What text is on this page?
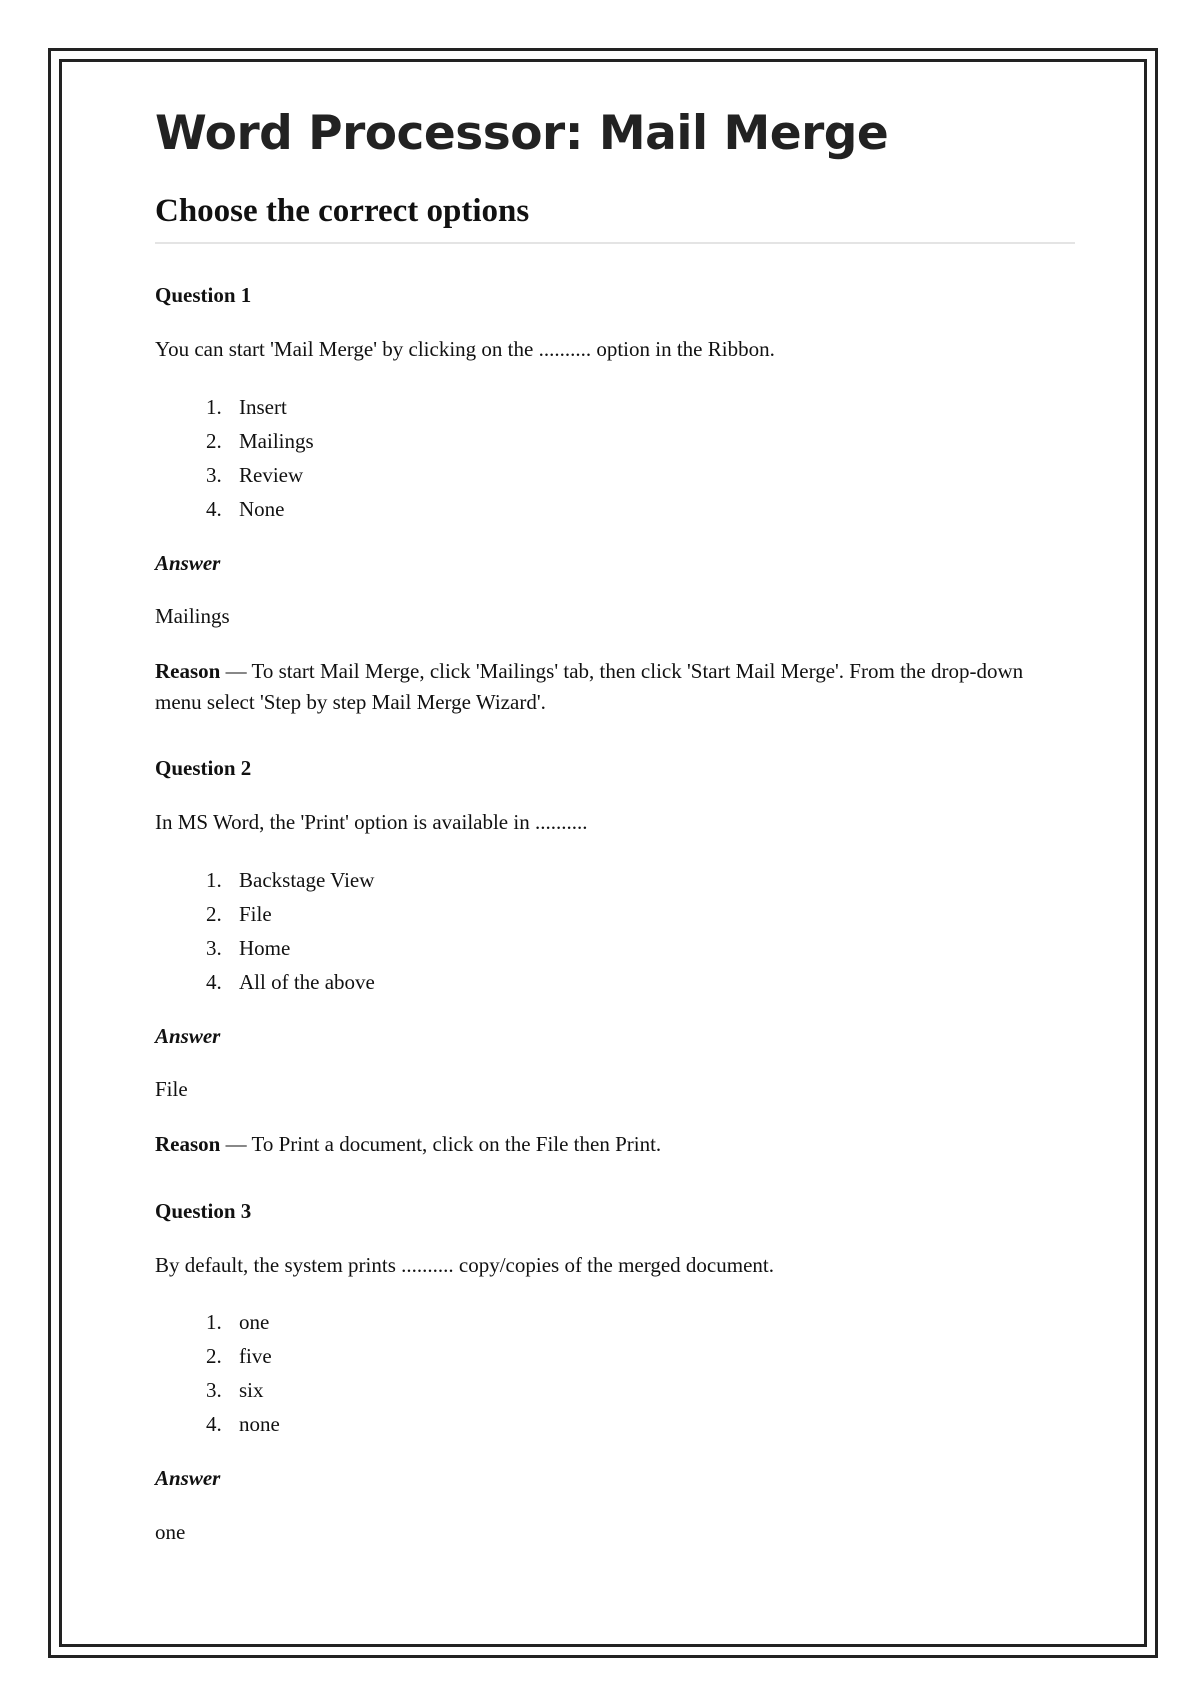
Word Processor: Mail Merge
Choose the correct options
Question 1
You can start 'Mail Merge' by clicking on the .......... option in the Ribbon.
1. Insert
2. Mailings
3. Review
4. None
Answer
Mailings
Reason — To start Mail Merge, click 'Mailings' tab, then click 'Start Mail Merge'. From the drop-down menu select 'Step by step Mail Merge Wizard'.
Question 2
In MS Word, the 'Print' option is available in ..........
1. Backstage View
2. File
3. Home
4. All of the above
Answer
File
Reason — To Print a document, click on the File then Print.
Question 3
By default, the system prints .......... copy/copies of the merged document.
1. one
2. five
3. six
4. none
Answer
one
